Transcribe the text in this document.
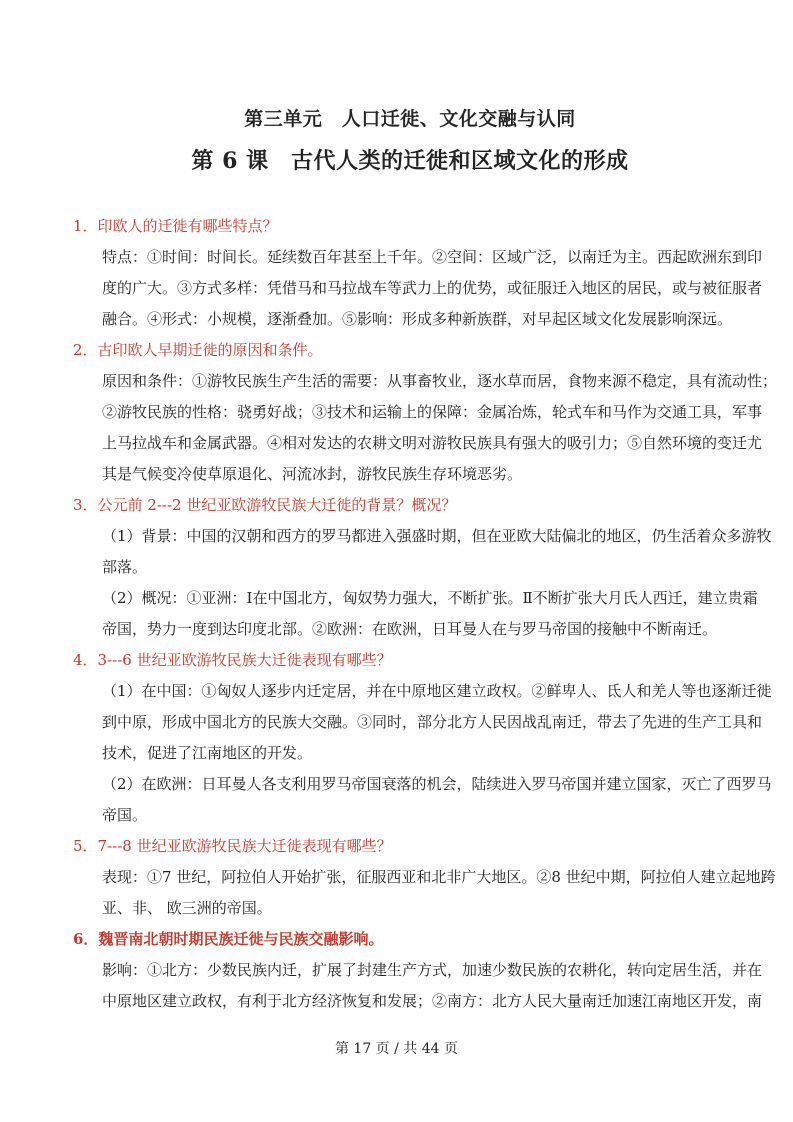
第三单元　人口迁徙、文化交融与认同
第 6 课　古代人类的迁徙和区域文化的形成
1．印欧人的迁徙有哪些特点？
特点：①时间：时间长。延续数百年甚至上千年。②空间：区域广泛，以南迁为主。西起欧洲东到印
度的广大。③方式多样：凭借马和马拉战车等武力上的优势，或征服迁入地区的居民，或与被征服者
融合。④形式：小规模，逐渐叠加。⑤影响：形成多种新族群，对早起区域文化发展影响深远。
2．古印欧人早期迁徙的原因和条件。
原因和条件：①游牧民族生产生活的需要：从事畜牧业，逐水草而居，食物来源不稳定，具有流动性；
②游牧民族的性格：骁勇好战；③技术和运输上的保障：金属冶炼，轮式车和马作为交通工具，军事
上马拉战车和金属武器。④相对发达的农耕文明对游牧民族具有强大的吸引力；⑤自然环境的变迁尤
其是气候变冷使草原退化、河流冰封，游牧民族生存环境恶劣。
3．公元前 2---2 世纪亚欧游牧民族大迁徙的背景？概况？
（1）背景：中国的汉朝和西方的罗马都进入强盛时期，但在亚欧大陆偏北的地区，仍生活着众多游牧
部落。
（2）概况：①亚洲：Ⅰ在中国北方，匈奴势力强大，不断扩张。Ⅱ不断扩张大月氏人西迁，建立贵霜
帝国，势力一度到达印度北部。②欧洲：在欧洲，日耳曼人在与罗马帝国的接触中不断南迁。
4．3---6 世纪亚欧游牧民族大迁徙表现有哪些？
（1）在中国：①匈奴人逐步内迁定居，并在中原地区建立政权。②鲜卑人、氐人和羌人等也逐渐迁徙
到中原，形成中国北方的民族大交融。③同时，部分北方人民因战乱南迁，带去了先进的生产工具和
技术，促进了江南地区的开发。
（2）在欧洲：日耳曼人各支利用罗马帝国衰落的机会，陆续进入罗马帝国并建立国家，灭亡了西罗马
帝国。
5．7---8 世纪亚欧游牧民族大迁徙表现有哪些？
表现：①7 世纪，阿拉伯人开始扩张，征服西亚和北非广大地区。②8 世纪中期，阿拉伯人建立起地跨
亚、非、 欧三洲的帝国。
6．魏晋南北朝时期民族迁徙与民族交融影响。
影响：①北方：少数民族内迁，扩展了封建生产方式，加速少数民族的农耕化，转向定居生活，并在
中原地区建立政权，有利于北方经济恢复和发展；②南方：北方人民大量南迁加速江南地区开发，南
第 17 页 / 共 44 页
